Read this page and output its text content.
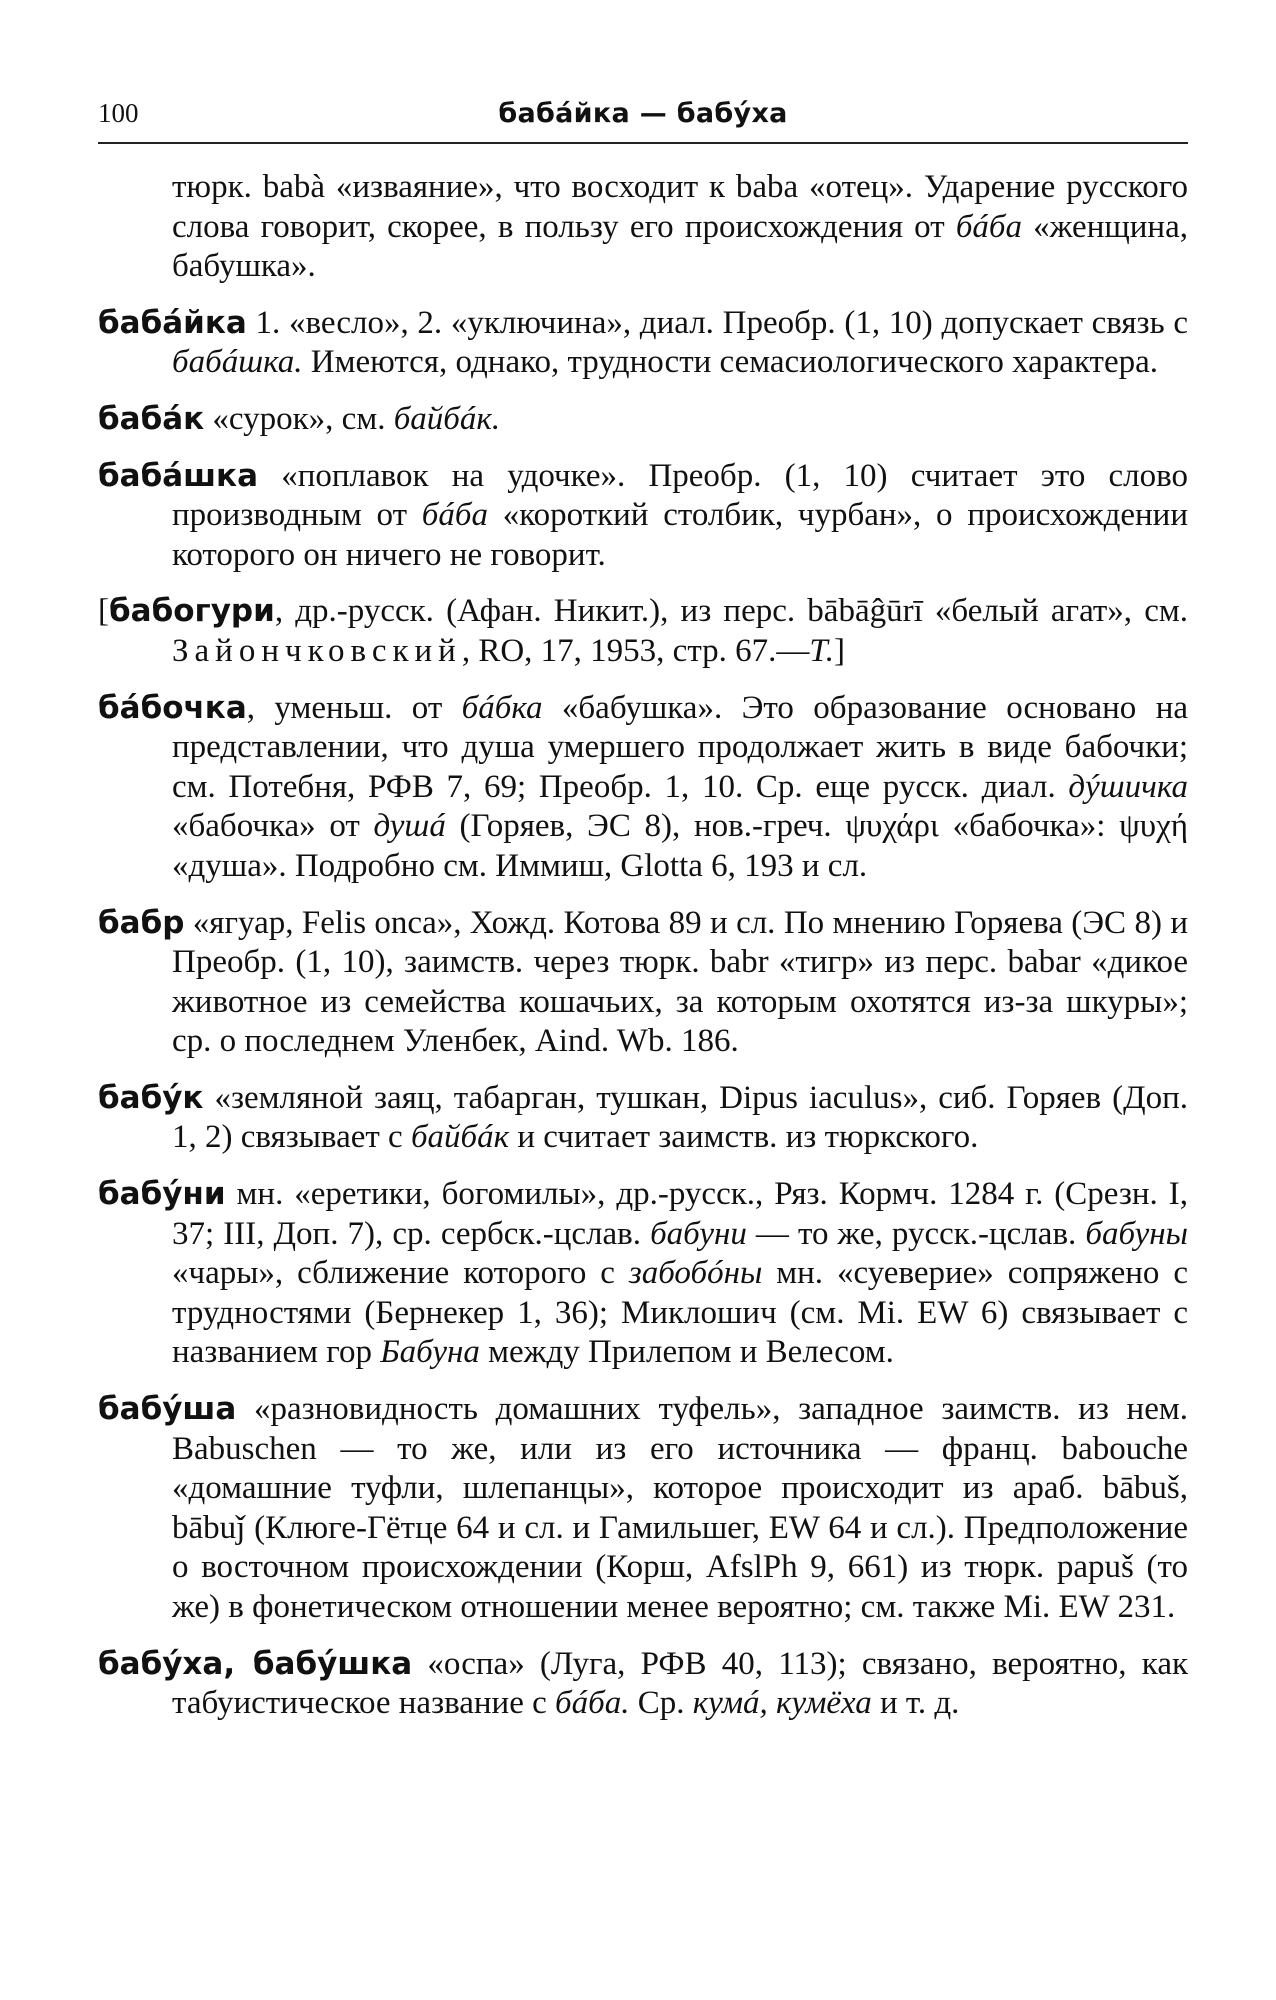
100	бабáйка — бабýха

тюрк. bаbà «изваяние», что восходит к bаbа «отец». Ударение русского слова говорит, скорее, в пользу его происхождения от бáба «женщина, бабушка».

бабáйка 1. «весло», 2. «уключина», диал. Преобр. (1, 10) допускает связь с бабáшка. Имеются, однако, трудности семасиологического характера.

бабáк «сурок», см. байбáк.

бабáшка «поплавок на удочке». Преобр. (1, 10) считает это слово производным от бáба «короткий столбик, чурбан», о происхождении которого он ничего не говорит.

[бабогури, др.-русск. (Афан. Никит.), из перс. bābāĝūrī «белый агат», см. Зайончковский, RO, 17, 1953, стр. 67.—Т.]

бáбочка, уменьш. от бáбка «бабушка». Это образование основано на представлении, что душа умершего продолжает жить в виде бабочки; см. Потебня, РФВ 7, 69; Преобр. 1, 10. Ср. еще русск. диал. дýшичка «бабочка» от душá (Горяев, ЭС 8), нов.-греч. ψυχάρι «бабочка»: ψυχή «душа». Подробно см. Иммиш, Glotta 6, 193 и сл.

бабр «ягуар, Felis onca», Хожд. Котова 89 и сл. По мнению Горяева (ЭС 8) и Преобр. (1, 10), заимств. через тюрк. babr «тигр» из перс. babar «дикое животное из семейства кошачьих, за которым охотятся из-за шкуры»; ср. о последнем Уленбек, Aind. Wb. 186.

бабýк «земляной заяц, табарган, тушкан, Dipus iaculus», сиб. Горяев (Доп. 1, 2) связывает с байбáк и считает заимств. из тюркского.

бабýни мн. «еретики, богомилы», др.-русск., Ряз. Кормч. 1284 г. (Срезн. I, 37; III, Доп. 7), ср. сербск.-цслав. бабуни — то же, русск.-цслав. бабуны «чары», сближение которого с забобóны мн. «суеверие» сопряжено с трудностями (Бернекер 1, 36); Миклошич (см. Mi. EW 6) связывает с названием гор Бабуна между Прилепом и Велесом.

бабýша «разновидность домашних туфель», западное заимств. из нем. Babuschen — то же, или из его источника — франц. babouche «домашние туфли, шлепанцы», которое происходит из араб. bābuš, bābuǰ (Клюге-Гётце 64 и сл. и Гамильшег, EW 64 и сл.). Предположение о восточном происхождении (Корш, AfslPh 9, 661) из тюрк. papuš (то же) в фонетическом отношении менее вероятно; см. также Mi. EW 231.

бабýха, бабýшка «оспа» (Луга, РФВ 40, 113); связано, вероятно, как табуистическое название с бáба. Ср. кумá, кумёха и т. д.
